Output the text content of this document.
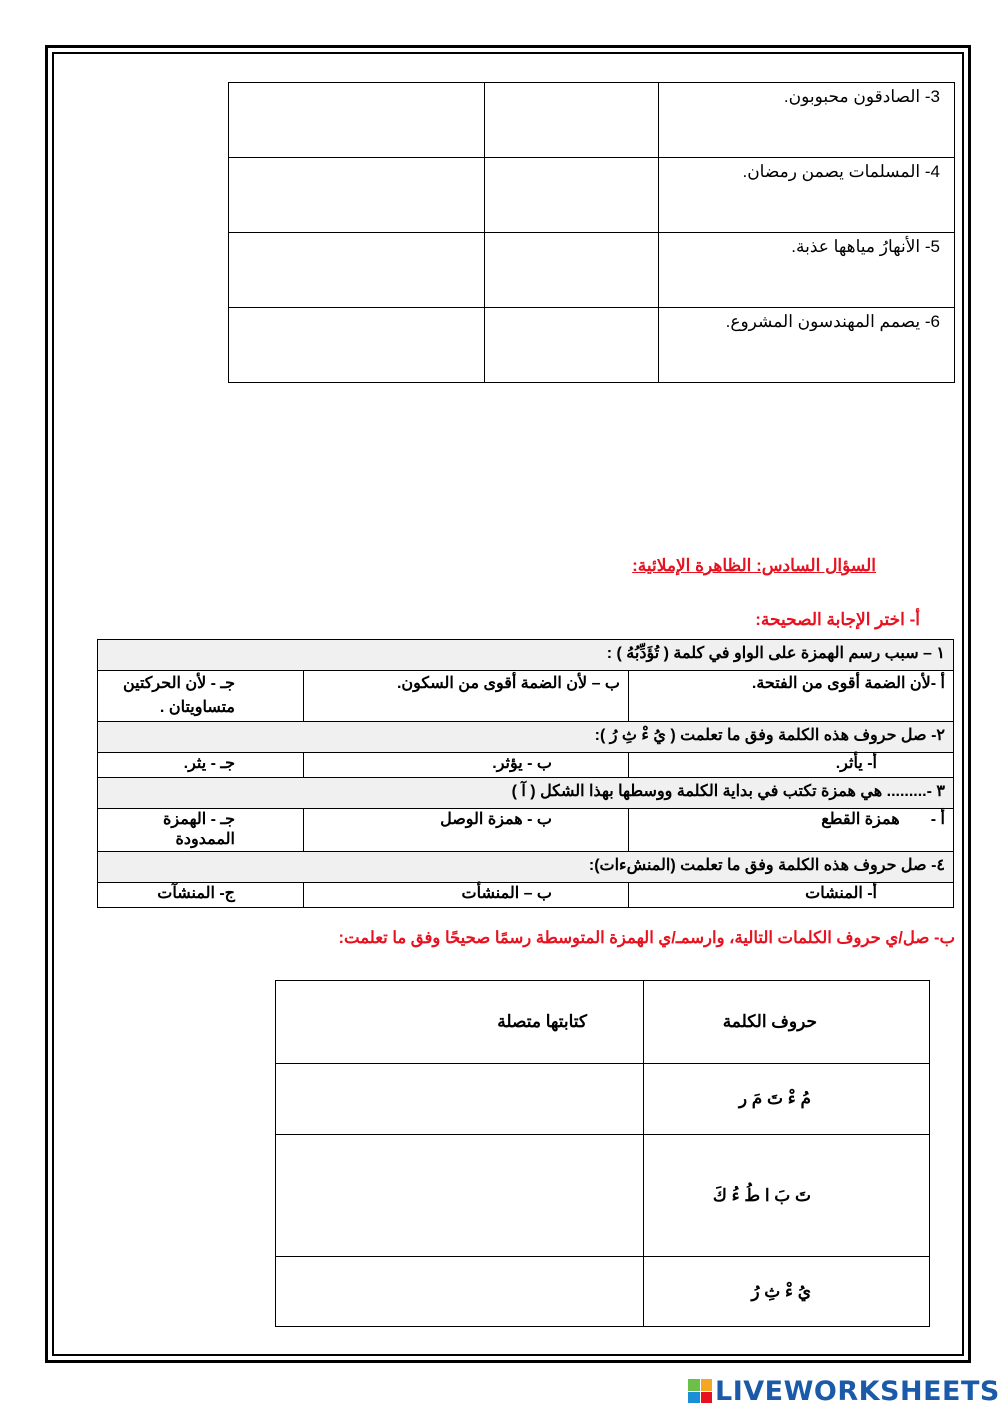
		3- الصادقون محبوبون.
		4- المسلمات يصمن رمضان.
		5- الأنهارُ مياهها عذبة.
		6- يصمم المهندسون المشروع.
السؤال السادس: الظاهرة الإملائية:
أ- اختر الإجابة الصحيحة:
١ – سبب رسم الهمزة على الواو في كلمة ( تُؤَدِّبُهُ ) :		
أ -لأن الضمة أقوى من الفتحة.	ب – لأن الضمة أقوى من السكون.	جـ - لأن الحركتين متساويتان .
٢- صل حروف هذه الكلمة وفق ما تعلمت ( يُ ءْ ثِ رُ ):		
أ- يأثر.	ب - يؤثر.	جـ - يثر.
٣ -......... هي همزة تكتب في بداية الكلمة ووسطها بهذا الشكل ( آ )		
أ -       همزة القطع	ب - همزة الوصل	جـ - الهمزة الممدودة
٤- صل حروف هذه الكلمة وفق ما تعلمت (المنشءات):		
أ- المنشات	ب – المنشأت	ج- المنشآت
ب- صل/ي حروف الكلمات التالية، وارسمـ/ي الهمزة المتوسطة رسمًا صحيحًا وفق ما تعلمت:
حروف الكلمة	كتابتها متصلة
مُ ءْ تَ مَ ر	
تَ بَ ا طُ ءُ كَ	
يُ ءْ ثِ رُ	
LIVEWORKSHEETS
